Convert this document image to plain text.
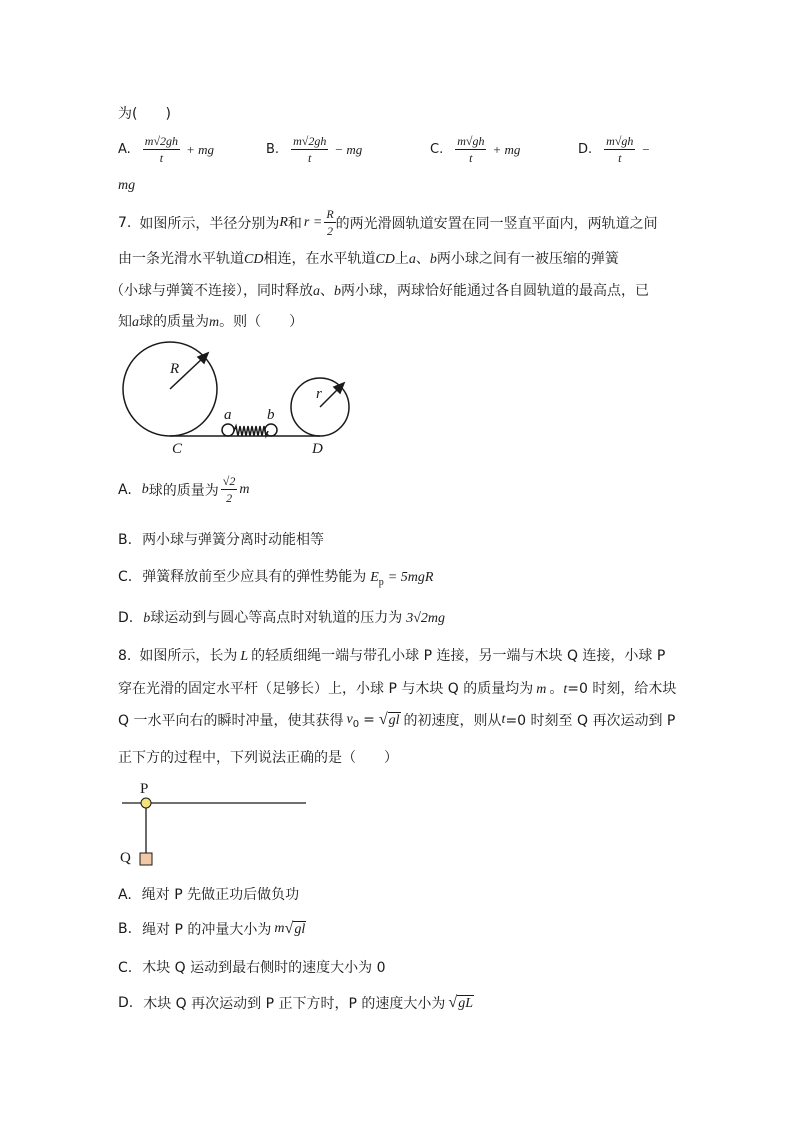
为(　　)
A. $\frac{m√2gh}{t}$ + mg	B. $\frac{m√2gh}{t}$ − mg	C. $\frac{m√gh}{t}$ + mg	D. $\frac{m√gh}{t}$ −
mg
7. 如图所示，半径分别为 R 和 $r = \frac{R}{2}$ 的两光滑圆轨道安置在同一竖直平面内，两轨道之间
由一条光滑水平轨道CD相连，在水平轨道CD上a、b两小球之间有一被压缩的弹簧
（小球与弹簧不连接），同时释放a、b两小球，两球恰好能通过各自圆轨道的最高点，已
知a球的质量为m。则（　　）
R
r
a b
C	D
A. b 球的质量为 $\frac{√2}{2}$ m
B. 两小球与弹簧分离时动能相等
C. 弹簧释放前至少应具有的弹性势能为 $E_p = 5mgR$
D. b球运动到与圆心等高点时对轨道的压力为 3√2mg
8. 如图所示，长为 L 的轻质细绳一端与带孔小球 P 连接，另一端与木块 Q 连接，小球 P
穿在光滑的固定水平杆（足够长）上，小球 P 与木块 Q 的质量均为 m 。t=0 时刻，给木块
Q 一水平向右的瞬时冲量，使其获得 $v_0$ = √ gl 的初速度，则从 t =0 时刻至 Q 再次运动到 P
正下方的过程中，下列说法正确的是（　　）
P
Q
A. 绳对 P 先做正功后做负功
B. 绳对 P 的冲量大小为 m √ gl
C. 木块 Q 运动到最右侧时的速度大小为 0
D. 木块 Q 再次运动到 P 正下方时，P 的速度大小为 √ gL
